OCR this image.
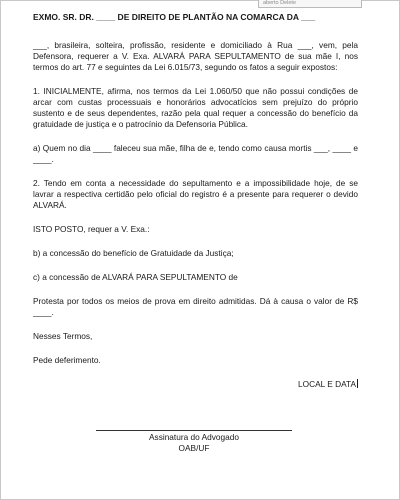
aberto Delete

EXMO. SR. DR. ____ DE DIREITO DE PLANTÃO NA COMARCA DA ___

___, brasileira, solteira, profissão, residente e domiciliado à Rua ___, vem, pela Defensora, requerer a V. Exa. ALVARÁ PARA SEPULTAMENTO de sua mãe I, nos termos do art. 77 e seguintes da Lei 6.015/73, segundo os fatos a seguir expostos:

1. INICIALMENTE, afirma, nos termos da Lei 1.060/50 que não possui condições de arcar com custas processuais e honorários advocatícios sem prejuízo do próprio sustento e de seus dependentes, razão pela qual requer a concessão do benefício da gratuidade de justiça e o patrocínio da Defensoria Pública.

a) Quem no dia ____ faleceu sua mãe, filha de e, tendo como causa mortis ___, ____ e ____.

2. Tendo em conta a necessidade do sepultamento e a impossibilidade hoje, de se lavrar a respectiva certidão pelo oficial do registro é a presente para requerer o devido ALVARÁ.

ISTO POSTO, requer a V. Exa.:

b) a concessão do benefício de Gratuidade da Justiça;

c) a concessão de ALVARÁ PARA SEPULTAMENTO de

Protesta por todos os meios de prova em direito admitidas. Dá à causa o valor de R$ ____.

Nesses Termos,

Pede deferimento.

LOCAL E DATA

Assinatura do Advogado
OAB/UF
